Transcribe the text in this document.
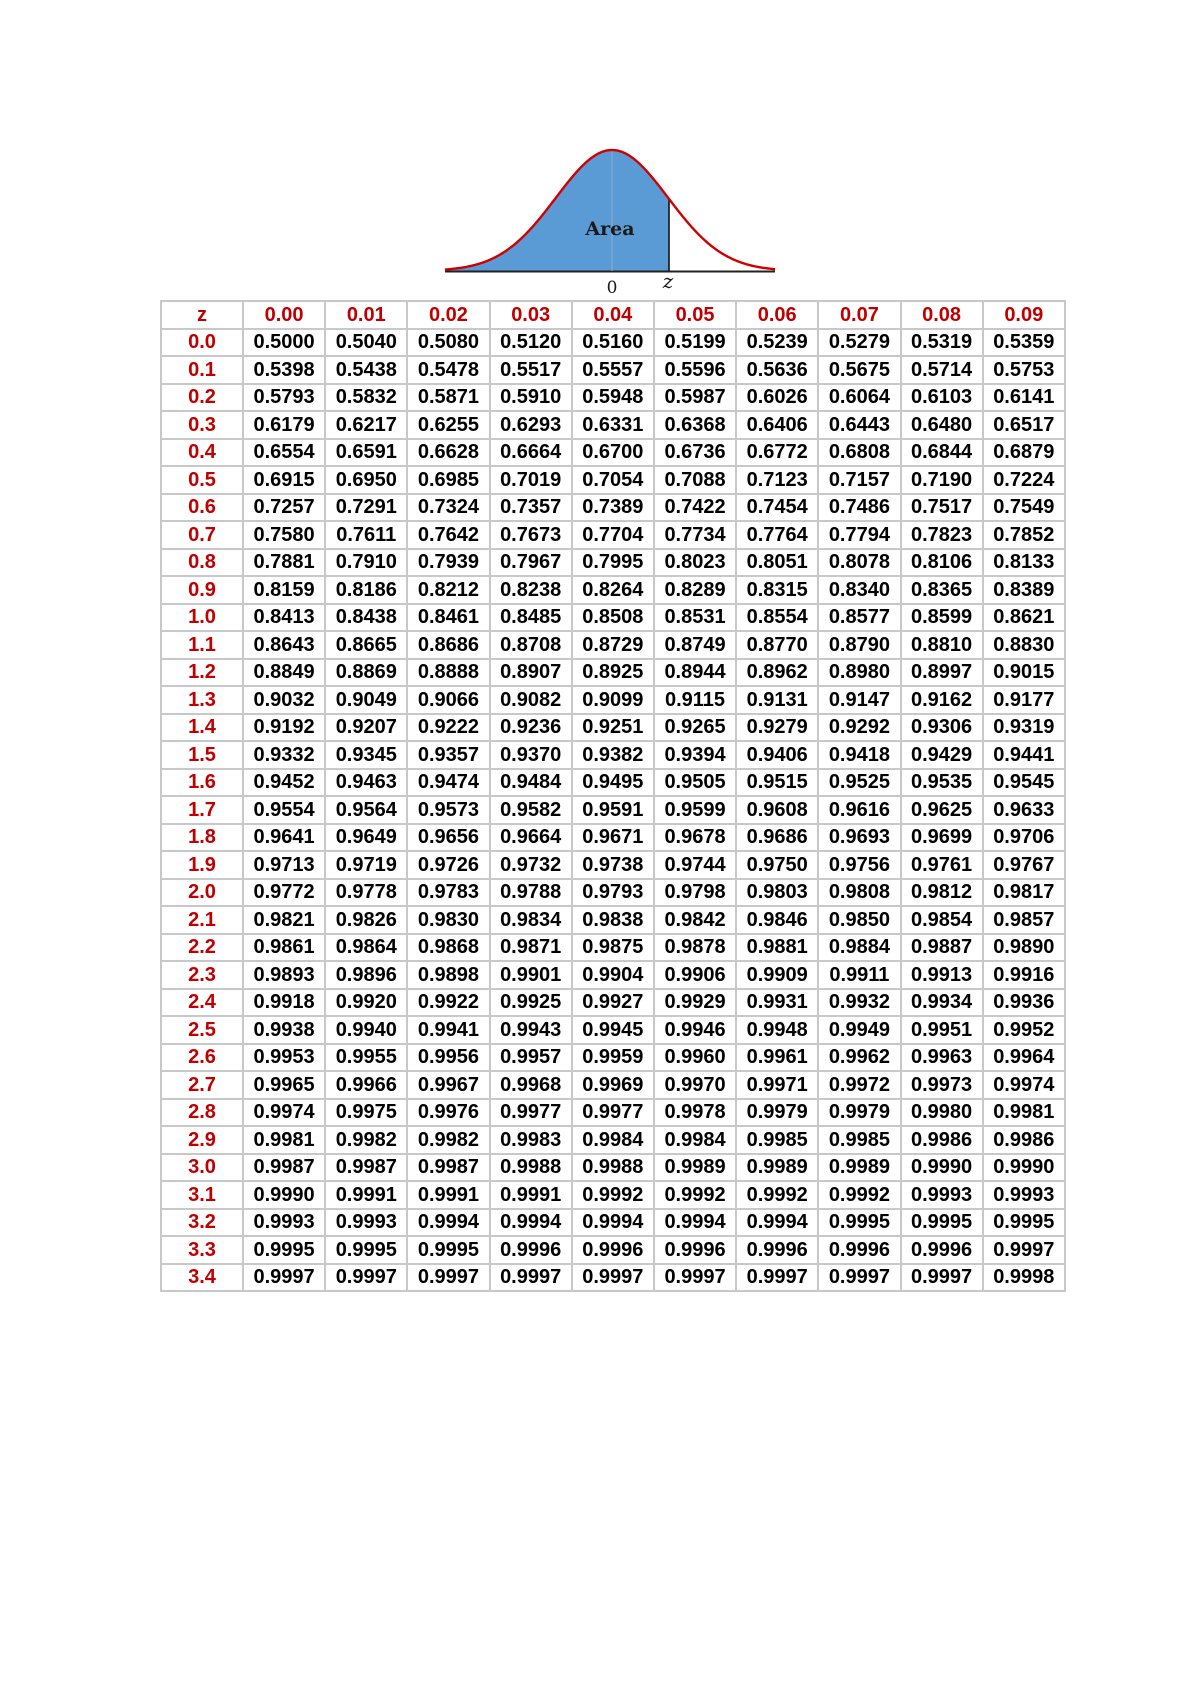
Area
0 z
z	0.00	0.01	0.02	0.03	0.04	0.05	0.06	0.07	0.08	0.09
0.0	0.5000	0.5040	0.5080	0.5120	0.5160	0.5199	0.5239	0.5279	0.5319	0.5359
0.1	0.5398	0.5438	0.5478	0.5517	0.5557	0.5596	0.5636	0.5675	0.5714	0.5753
0.2	0.5793	0.5832	0.5871	0.5910	0.5948	0.5987	0.6026	0.6064	0.6103	0.6141
0.3	0.6179	0.6217	0.6255	0.6293	0.6331	0.6368	0.6406	0.6443	0.6480	0.6517
0.4	0.6554	0.6591	0.6628	0.6664	0.6700	0.6736	0.6772	0.6808	0.6844	0.6879
0.5	0.6915	0.6950	0.6985	0.7019	0.7054	0.7088	0.7123	0.7157	0.7190	0.7224
0.6	0.7257	0.7291	0.7324	0.7357	0.7389	0.7422	0.7454	0.7486	0.7517	0.7549
0.7	0.7580	0.7611	0.7642	0.7673	0.7704	0.7734	0.7764	0.7794	0.7823	0.7852
0.8	0.7881	0.7910	0.7939	0.7967	0.7995	0.8023	0.8051	0.8078	0.8106	0.8133
0.9	0.8159	0.8186	0.8212	0.8238	0.8264	0.8289	0.8315	0.8340	0.8365	0.8389
1.0	0.8413	0.8438	0.8461	0.8485	0.8508	0.8531	0.8554	0.8577	0.8599	0.8621
1.1	0.8643	0.8665	0.8686	0.8708	0.8729	0.8749	0.8770	0.8790	0.8810	0.8830
1.2	0.8849	0.8869	0.8888	0.8907	0.8925	0.8944	0.8962	0.8980	0.8997	0.9015
1.3	0.9032	0.9049	0.9066	0.9082	0.9099	0.9115	0.9131	0.9147	0.9162	0.9177
1.4	0.9192	0.9207	0.9222	0.9236	0.9251	0.9265	0.9279	0.9292	0.9306	0.9319
1.5	0.9332	0.9345	0.9357	0.9370	0.9382	0.9394	0.9406	0.9418	0.9429	0.9441
1.6	0.9452	0.9463	0.9474	0.9484	0.9495	0.9505	0.9515	0.9525	0.9535	0.9545
1.7	0.9554	0.9564	0.9573	0.9582	0.9591	0.9599	0.9608	0.9616	0.9625	0.9633
1.8	0.9641	0.9649	0.9656	0.9664	0.9671	0.9678	0.9686	0.9693	0.9699	0.9706
1.9	0.9713	0.9719	0.9726	0.9732	0.9738	0.9744	0.9750	0.9756	0.9761	0.9767
2.0	0.9772	0.9778	0.9783	0.9788	0.9793	0.9798	0.9803	0.9808	0.9812	0.9817
2.1	0.9821	0.9826	0.9830	0.9834	0.9838	0.9842	0.9846	0.9850	0.9854	0.9857
2.2	0.9861	0.9864	0.9868	0.9871	0.9875	0.9878	0.9881	0.9884	0.9887	0.9890
2.3	0.9893	0.9896	0.9898	0.9901	0.9904	0.9906	0.9909	0.9911	0.9913	0.9916
2.4	0.9918	0.9920	0.9922	0.9925	0.9927	0.9929	0.9931	0.9932	0.9934	0.9936
2.5	0.9938	0.9940	0.9941	0.9943	0.9945	0.9946	0.9948	0.9949	0.9951	0.9952
2.6	0.9953	0.9955	0.9956	0.9957	0.9959	0.9960	0.9961	0.9962	0.9963	0.9964
2.7	0.9965	0.9966	0.9967	0.9968	0.9969	0.9970	0.9971	0.9972	0.9973	0.9974
2.8	0.9974	0.9975	0.9976	0.9977	0.9977	0.9978	0.9979	0.9979	0.9980	0.9981
2.9	0.9981	0.9982	0.9982	0.9983	0.9984	0.9984	0.9985	0.9985	0.9986	0.9986
3.0	0.9987	0.9987	0.9987	0.9988	0.9988	0.9989	0.9989	0.9989	0.9990	0.9990
3.1	0.9990	0.9991	0.9991	0.9991	0.9992	0.9992	0.9992	0.9992	0.9993	0.9993
3.2	0.9993	0.9993	0.9994	0.9994	0.9994	0.9994	0.9994	0.9995	0.9995	0.9995
3.3	0.9995	0.9995	0.9995	0.9996	0.9996	0.9996	0.9996	0.9996	0.9996	0.9997
3.4	0.9997	0.9997	0.9997	0.9997	0.9997	0.9997	0.9997	0.9997	0.9997	0.9998
